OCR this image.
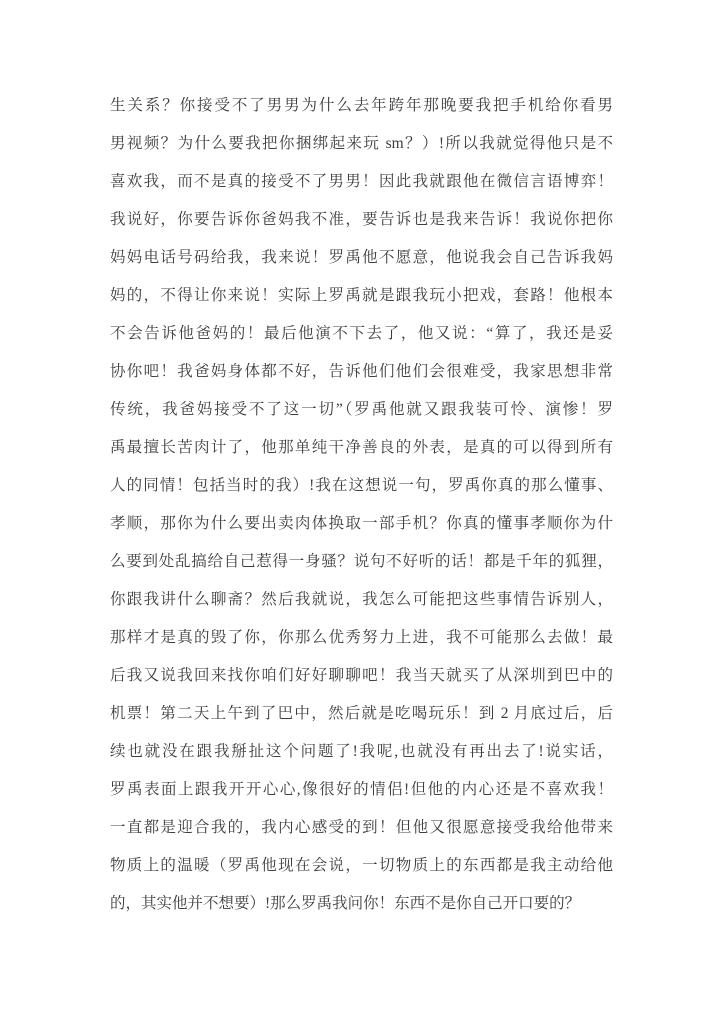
生关系？你接受不了男男为什么去年跨年那晚要我把手机给你看男
男视频？为什么要我把你捆绑起来玩 sm？）!所以我就觉得他只是不
喜欢我，而不是真的接受不了男男！因此我就跟他在微信言语博弈！
我说好，你要告诉你爸妈我不准，要告诉也是我来告诉！我说你把你
妈妈电话号码给我，我来说！罗禹他不愿意，他说我会自己告诉我妈
妈的，不得让你来说！实际上罗禹就是跟我玩小把戏，套路！他根本
不会告诉他爸妈的！最后他演不下去了，他又说：“算了，我还是妥
协你吧！我爸妈身体都不好，告诉他们他们会很难受，我家思想非常
传统，我爸妈接受不了这一切”（罗禹他就又跟我装可怜、演惨！罗
禹最擅长苦肉计了，他那单纯干净善良的外表，是真的可以得到所有
人的同情！包括当时的我）!我在这想说一句，罗禹你真的那么懂事、
孝顺，那你为什么要出卖肉体换取一部手机？你真的懂事孝顺你为什
么要到处乱搞给自己惹得一身骚？说句不好听的话！都是千年的狐狸，
你跟我讲什么聊斋？然后我就说，我怎么可能把这些事情告诉别人，
那样才是真的毁了你，你那么优秀努力上进，我不可能那么去做！最
后我又说我回来找你咱们好好聊聊吧！我当天就买了从深圳到巴中的
机票！第二天上午到了巴中，然后就是吃喝玩乐！到 2 月底过后，后
续也就没在跟我掰扯这个问题了!我呢,也就没有再出去了!说实话，
罗禹表面上跟我开开心心,像很好的情侣!但他的内心还是不喜欢我！
一直都是迎合我的，我内心感受的到！但他又很愿意接受我给他带来
物质上的温暖（罗禹他现在会说，一切物质上的东西都是我主动给他
的，其实他并不想要）!那么罗禹我问你！东西不是你自己开口要的？
